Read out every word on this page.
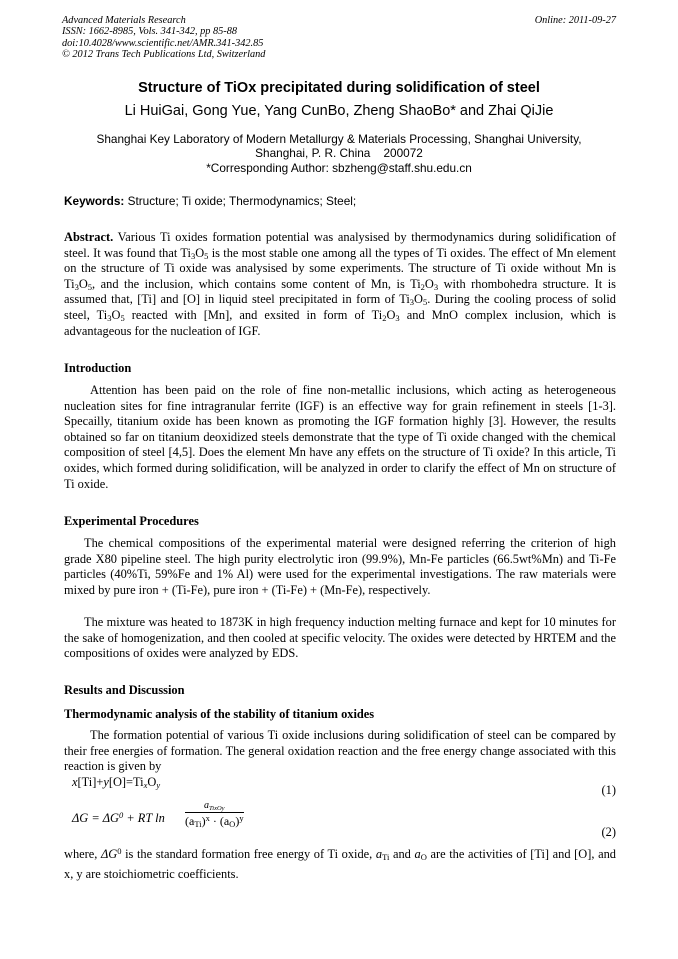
Advanced Materials Research
ISSN: 1662-8985, Vols. 341-342, pp 85-88
doi:10.4028/www.scientific.net/AMR.341-342.85
© 2012 Trans Tech Publications Ltd, Switzerland
Online: 2011-09-27
Structure of TiOx precipitated during solidification of steel
Li HuiGai, Gong Yue, Yang CunBo, Zheng ShaoBo* and Zhai QiJie
Shanghai Key Laboratory of Modern Metallurgy & Materials Processing, Shanghai University,
Shanghai, P. R. China    200072
*Corresponding Author: sbzheng@staff.shu.edu.cn
Keywords: Structure; Ti oxide; Thermodynamics; Steel;
Abstract. Various Ti oxides formation potential was analysised by thermodynamics during solidification of steel. It was found that $Ti_3O_5$ is the most stable one among all the types of Ti oxides. The effect of Mn element on the structure of Ti oxide was analysised by some experiments. The structure of Ti oxide without Mn is $Ti_3O_5$, and the inclusion, which contains some content of Mn, is $Ti_2O_3$ with rhombohedra structure. It is assumed that, [Ti] and [O] in liquid steel precipitated in form of $Ti_3O_5$. During the cooling process of solid steel, $Ti_3O_5$ reacted with [Mn], and exsited in form of $Ti_2O_3$ and MnO complex inclusion, which is advantageous for the nucleation of IGF.
Introduction
Attention has been paid on the role of fine non-metallic inclusions, which acting as heterogeneous nucleation sites for fine intragranular ferrite (IGF) is an effective way for grain refinement in steels [1-3]. Specailly, titanium oxide has been known as promoting the IGF formation highly [3]. However, the results obtained so far on titanium deoxidized steels demonstrate that the type of Ti oxide changed with the chemical composition of steel [4,5]. Does the element Mn have any effets on the structure of Ti oxide? In this article, Ti oxides, which formed during solidification, will be analyzed in order to clarify the effect of Mn on structure of Ti oxide.
Experimental Procedures
The chemical compositions of the experimental material were designed referring the criterion of high grade X80 pipeline steel. The high purity electrolytic iron (99.9%), Mn-Fe particles (66.5wt%Mn) and Ti-Fe particles (40%Ti, 59%Fe and 1% Al) were used for the experimental investigations. The raw materials were mixed by pure iron + (Ti-Fe), pure iron + (Ti-Fe) + (Mn-Fe), respectively.
The mixture was heated to 1873K in high frequency induction melting furnace and kept for 10 minutes for the sake of homogenization, and then cooled at specific velocity. The oxides were detected by HRTEM and the compositions of oxides were analyzed by EDS.
Results and Discussion
Thermodynamic analysis of the stability of titanium oxides
The formation potential of various Ti oxide inclusions during solidification of steel can be compared by their free energies of formation. The general oxidation reaction and the free energy change associated with this reaction is given by
$x[Ti]+y[O]=Ti_xO_y$	(1)
$\Delta G = \Delta G^0$ + RT ln
$a_{TixOy}$
$(a_{Ti})^x \cdot (a_O)^y$
(2)
where, $\Delta G^0$ is the standard formation free energy of Ti oxide, $a_{Ti}$ and $a_O$ are the activities of [Ti] and [O], and x, y are stoichiometric coefficients.
